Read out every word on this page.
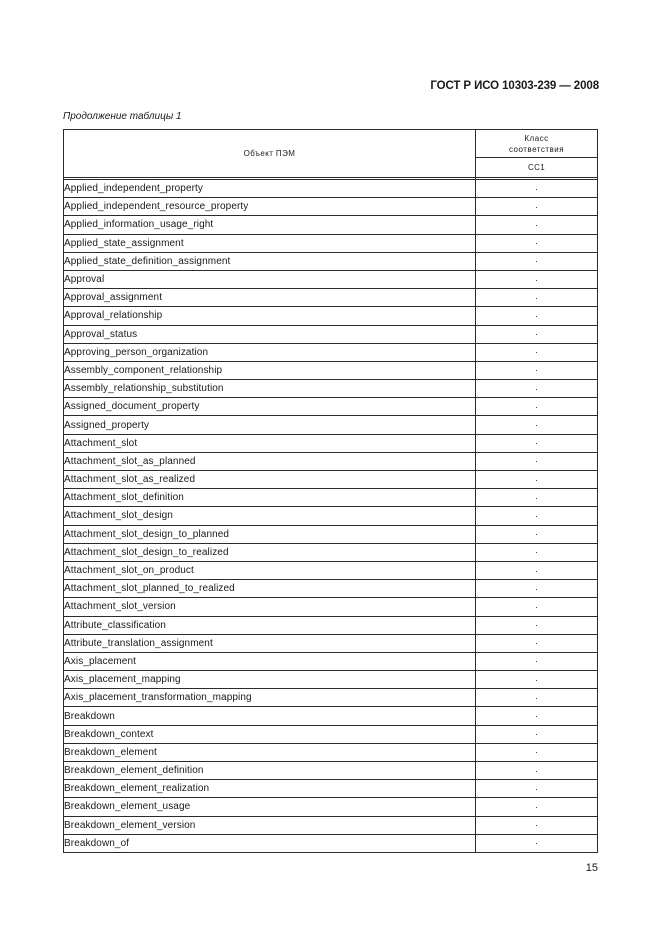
ГОСТ Р ИСО 10303-239 — 2008
Продолжение таблицы 1
Объект ПЭМ	Класс
соответствия
	CC1

Applied_independent_property	·
Applied_independent_resource_property	·
Applied_information_usage_right	·
Applied_state_assignment	·
Applied_state_definition_assignment	·
Approval	·
Approval_assignment	·
Approval_relationship	·
Approval_status	·
Approving_person_organization	·
Assembly_component_relationship	·
Assembly_relationship_substitution	·
Assigned_document_property	·
Assigned_property	·
Attachment_slot	·
Attachment_slot_as_planned	·
Attachment_slot_as_realized	·
Attachment_slot_definition	·
Attachment_slot_design	·
Attachment_slot_design_to_planned	·
Attachment_slot_design_to_realized	·
Attachment_slot_on_product	·
Attachment_slot_planned_to_realized	·
Attachment_slot_version	·
Attribute_classification	·
Attribute_translation_assignment	·
Axis_placement	·
Axis_placement_mapping	·
Axis_placement_transformation_mapping	·
Breakdown	·
Breakdown_context	·
Breakdown_element	·
Breakdown_element_definition	·
Breakdown_element_realization	·
Breakdown_element_usage	·
Breakdown_element_version	·
Breakdown_of	·
15
